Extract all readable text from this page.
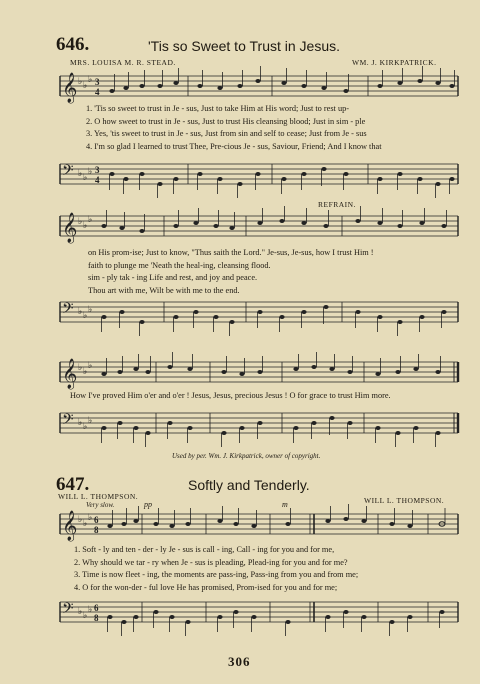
646.	'Tis so Sweet to Trust in Jesus.
MRS. LOUISA M. R. STEAD.	WM. J. KIRKPATRICK.
𝄞 ♭ ♭
♭ 3
4
1. 'Tis so sweet to trust in Je - sus, Just to take Him at His word; Just to rest up-
2. O how sweet to trust in Je - sus, Just to trust His cleansing blood; Just in sim - ple
3. Yes, 'tis sweet to trust in Je - sus, Just from sin and self to cease; Just from Je - sus
4. I'm so glad I learned to trust Thee, Pre-cious Je - sus, Saviour, Friend; And I know that
𝄢 ♭ ♭
♭ 3
4
REFRAIN.
𝄞 ♭ ♭
♭
on His prom-ise; Just to know, "Thus saith the Lord." Je-sus, Je-sus, how I trust Him !
faith to plunge me 'Neath the heal-ing, cleansing flood.
sim - ply tak - ing Life and rest, and joy and peace.
Thou art with me, Wilt be with me to the end.
𝄢 ♭ ♭
♭
𝄞 ♭ ♭
♭
How I've proved Him o'er and o'er ! Jesus, Jesus, precious Jesus ! O for grace to trust Him more.
𝄢 ♭ ♭
♭
Used by per. Wm. J. Kirkpatrick, owner of copyright.
647.	Softly and Tenderly.
WILL L. THOMPSON.	WILL L. THOMPSON.
Very slow.	pp	m
𝄞 ♭ ♭
♭ 6
8
1. Soft - ly and ten - der - ly Je - sus is call - ing, Call - ing for you and for me,
2. Why should we tar - ry when Je - sus is pleading, Plead-ing for you and for me?
3. Time is now fleet - ing, the moments are pass-ing, Pass-ing from you and from me;
4. O for the won-der - ful love He has promised, Prom-ised for you and for me;
𝄢 ♭ ♭
♭ 6
8
306
